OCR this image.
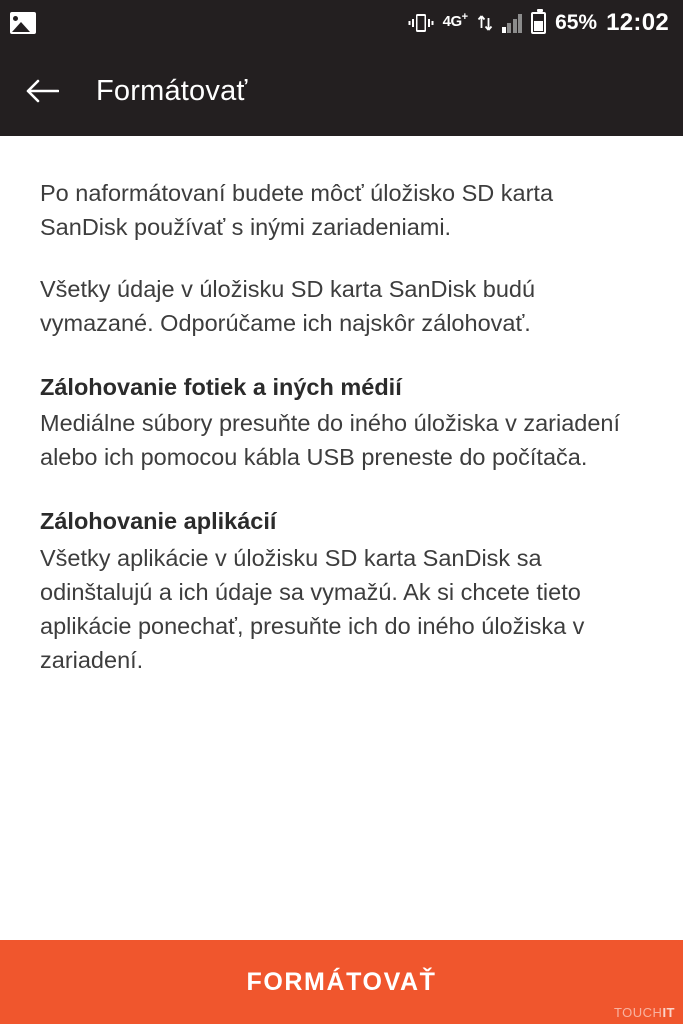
4G+	65% 12:02
Formátovať

Po naformátovaní budete môcť úložisko SD karta SanDisk používať s inými zariadeniami.

Všetky údaje v úložisku SD karta SanDisk budú vymazané. Odporúčame ich najskôr zálohovať.

Zálohovanie fotiek a iných médií

Mediálne súbory presuňte do iného úložiska v zariadení alebo ich pomocou kábla USB preneste do počítača.

Zálohovanie aplikácií

Všetky aplikácie v úložisku SD karta SanDisk sa odinštalujú a ich údaje sa vymažú. Ak si chcete tieto aplikácie ponechať, presuňte ich do iného úložiska v zariadení.

FORMÁTOVAŤ
TOUCHIT
